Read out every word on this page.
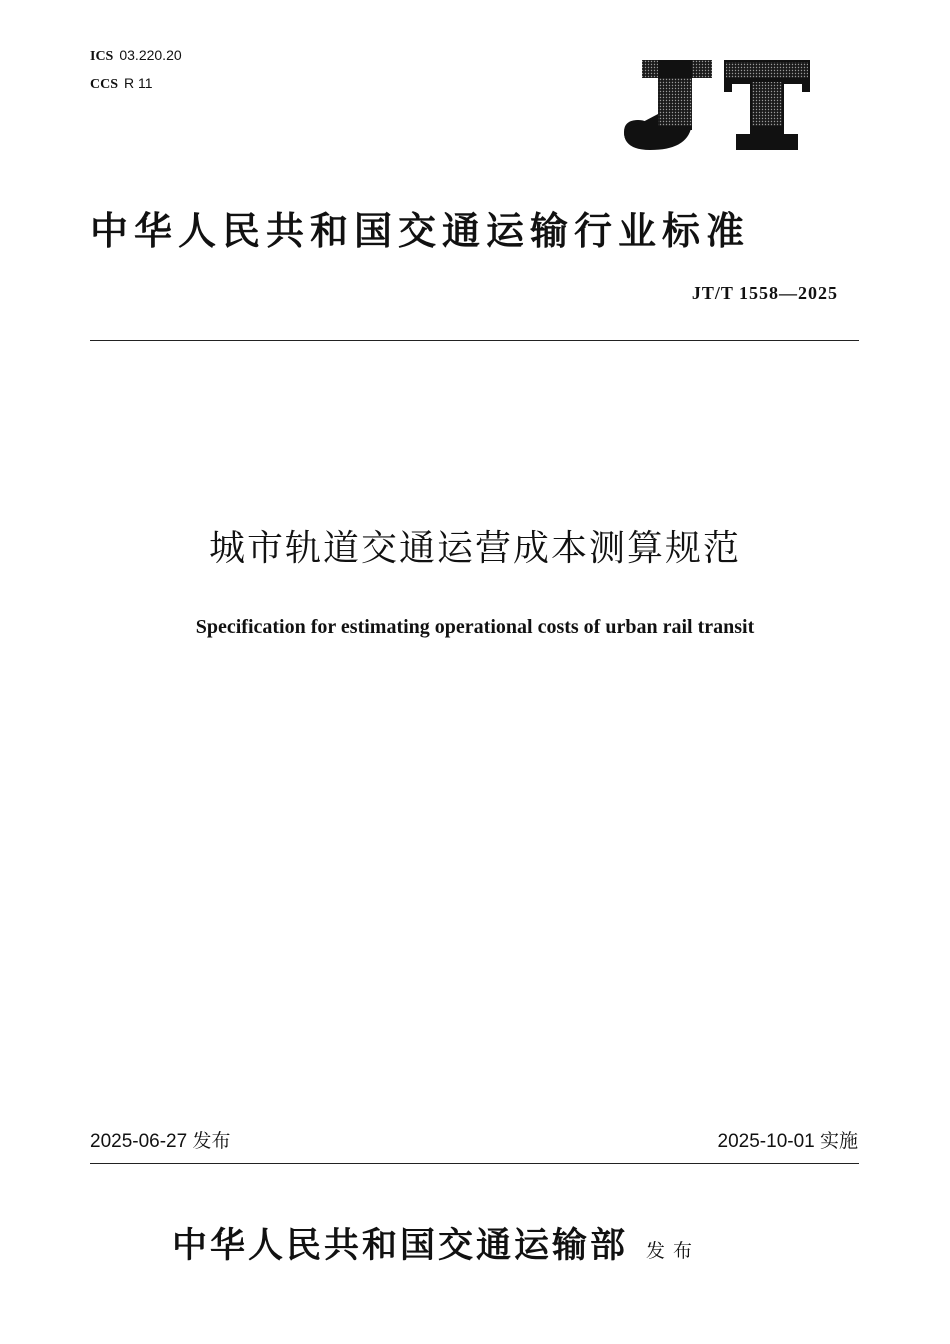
ICS 03.220.20
CCS R 11
中华人民共和国交通运输行业标准
JT/T 1558—2025
城市轨道交通运营成本测算规范
Specification for estimating operational costs of urban rail transit
2025-06-27 发布	2025-10-01 实施
中华人民共和国交通运输部 发布
